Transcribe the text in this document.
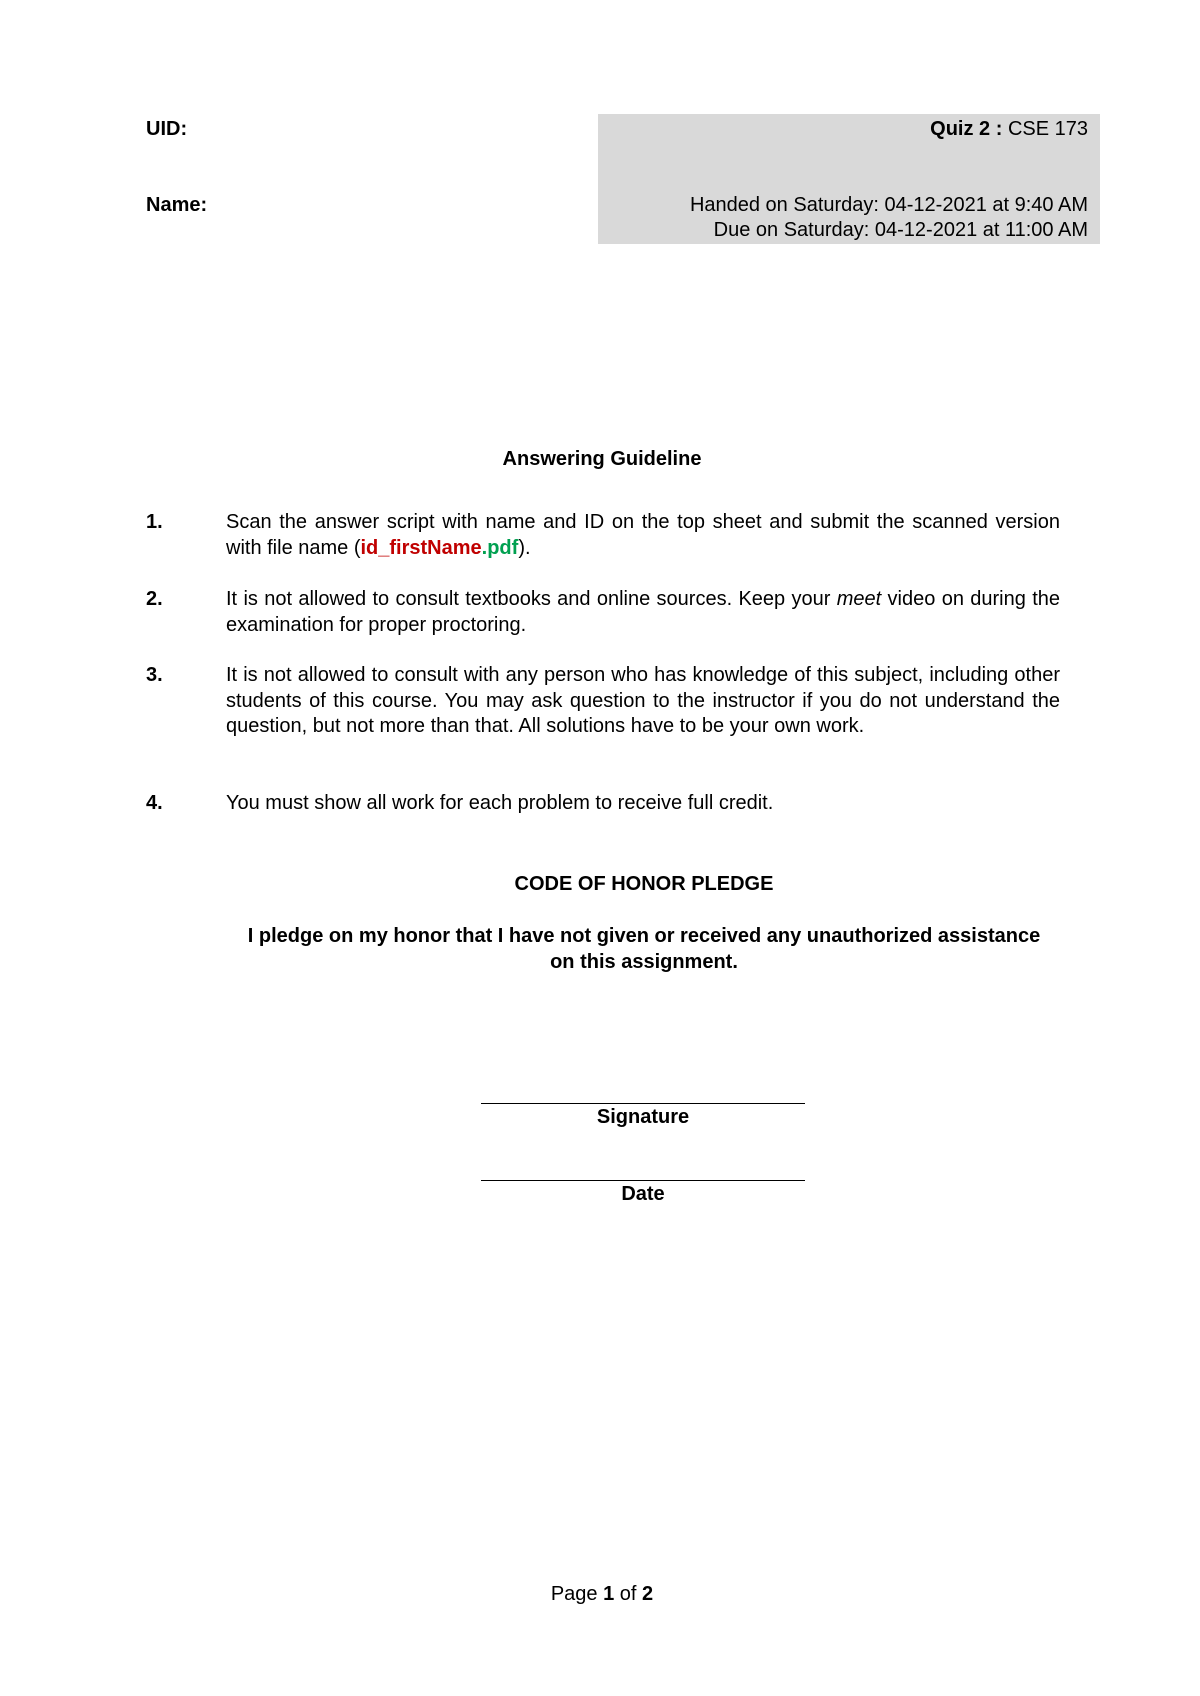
UID:
Name:
Quiz 2 : CSE 173
Handed on Saturday: 04-12-2021 at 9:40 AM
Due on Saturday: 04-12-2021 at 11:00 AM
Answering Guideline
1.	Scan the answer script with name and ID on the top sheet and submit the scanned version with file name (id_firstName.pdf).
2.	It is not allowed to consult textbooks and online sources. Keep your meet video on during the examination for proper proctoring.
3.	It is not allowed to consult with any person who has knowledge of this subject, including other students of this course. You may ask question to the instructor if you do not understand the question, but not more than that. All solutions have to be your own work.
4.	You must show all work for each problem to receive full credit.
CODE OF HONOR PLEDGE
I pledge on my honor that I have not given or received any unauthorized assistance on this assignment.
Signature
Date
Page 1 of 2
